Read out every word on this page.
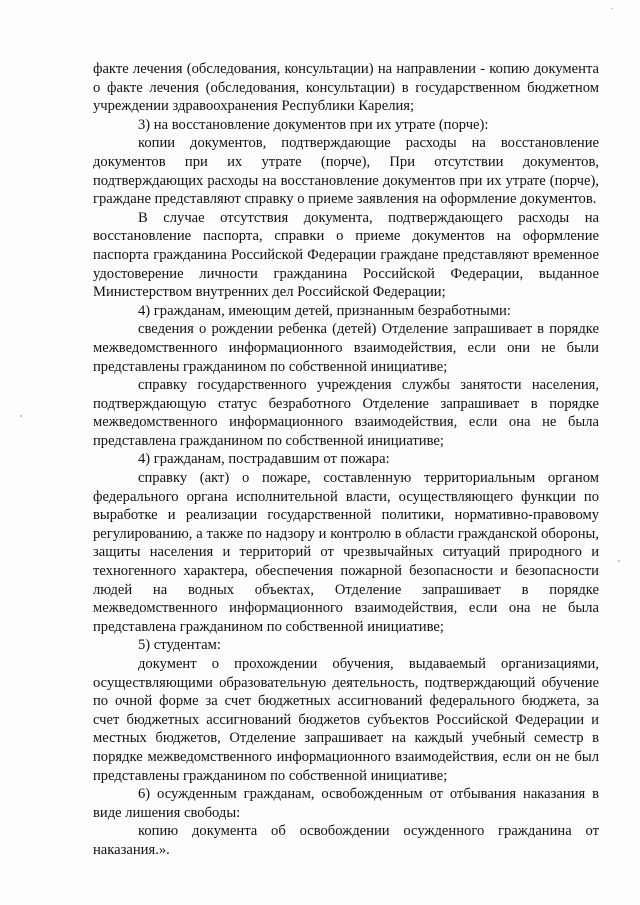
·

факте лечения (обследования, консультации) на направлении - копию документа о факте лечения (обследования, консультации) в государственном бюджетном учреждении здравоохранения Республики Карелия;

3) на восстановление документов при их утрате (порче):

копии документов, подтверждающие расходы на восстановление документов при их утрате (порче), При отсутствии документов, подтверждающих расходы на восстановление документов при их утрате (порче), граждане представляют справку о приеме заявления на оформление документов.

В случае отсутствия документа, подтверждающего расходы на восстановление паспорта, справки о приеме документов на оформление паспорта гражданина Российской Федерации граждане представляют временное удостоверение личности гражданина Российской Федерации, выданное Министерством внутренних дел Российской Федерации;

4) гражданам, имеющим детей, признанным безработными:

сведения о рождении ребенка (детей) Отделение запрашивает в порядке межведомственного информационного взаимодействия, если они не были представлены гражданином по собственной инициативе;

справку государственного учреждения службы занятости населения, подтверждающую статус безработного Отделение запрашивает в порядке межведомственного информационного взаимодействия, если она не была представлена гражданином по собственной инициативе;

4) гражданам, пострадавшим от пожара:

справку (акт) о пожаре, составленную территориальным органом федерального органа исполнительной власти, осуществляющего функции по выработке и реализации государственной политики, нормативно-правовому регулированию, а также по надзору и контролю в области гражданской обороны, защиты населения и территорий от чрезвычайных ситуаций природного и техногенного характера, обеспечения пожарной безопасности и безопасности людей на водных объектах, Отделение запрашивает в порядке межведомственного информационного взаимодействия, если она не была представлена гражданином по собственной инициативе;

5) студентам:

документ о прохождении обучения, выдаваемый организациями, осуществляющими образовательную деятельность, подтверждающий обучение по очной форме за счет бюджетных ассигнований федерального бюджета, за счет бюджетных ассигнований бюджетов субъектов Российской Федерации и местных бюджетов, Отделение запрашивает на каждый учебный семестр в порядке межведомственного информационного взаимодействия, если он не был представлены гражданином по собственной инициативе;

6) осужденным гражданам, освобожденным от отбывания наказания в виде лишения свободы:

копию документа об освобождении осужденного гражданина от наказания.».
